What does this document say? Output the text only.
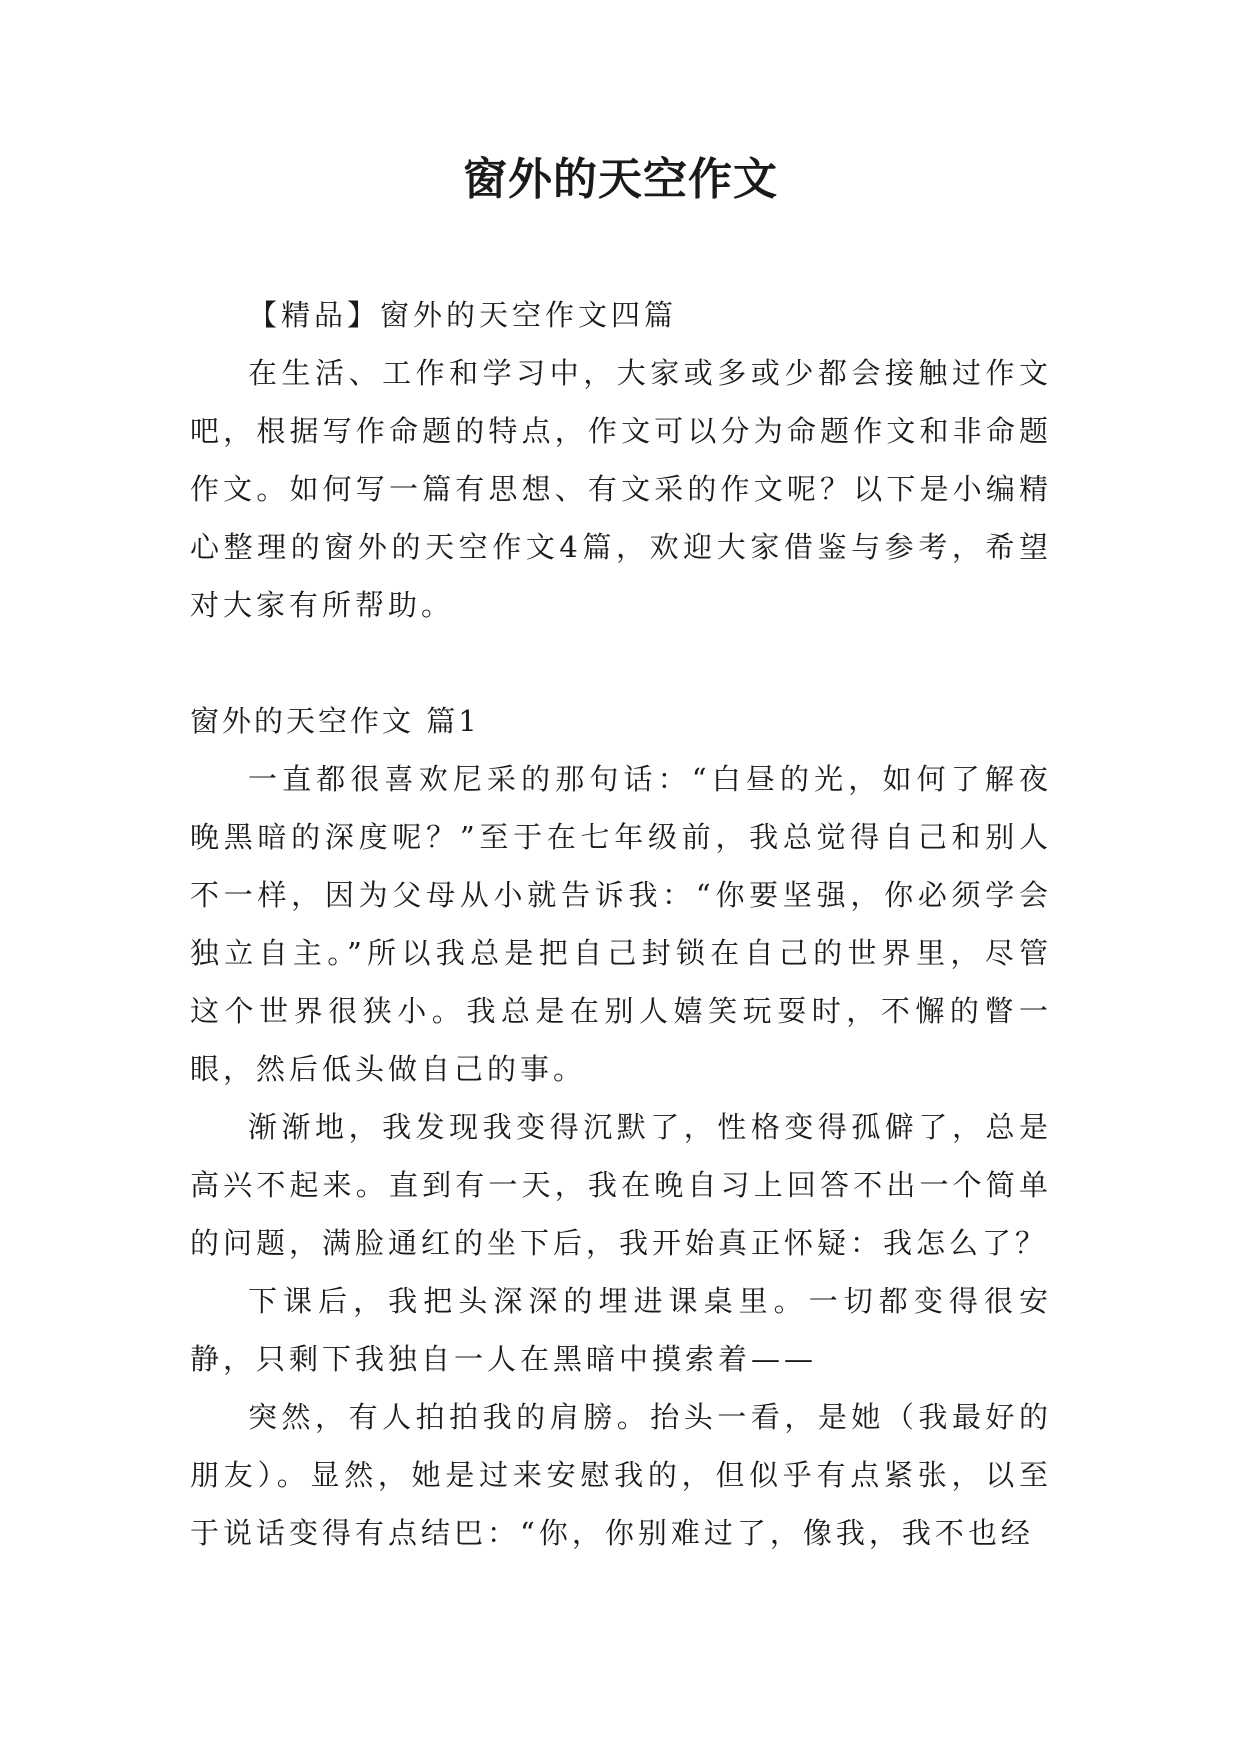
窗外的天空作文

【精品】窗外的天空作文四篇

在生活、工作和学习中，大家或多或少都会接触过作文吧，根据写作命题的特点，作文可以分为命题作文和非命题作文。如何写一篇有思想、有文采的作文呢？以下是小编精心整理的窗外的天空作文4篇，欢迎大家借鉴与参考，希望对大家有所帮助。

窗外的天空作文 篇1

一直都很喜欢尼采的那句话：“白昼的光，如何了解夜晚黑暗的深度呢？”至于在七年级前，我总觉得自己和别人不一样，因为父母从小就告诉我：“你要坚强，你必须学会独立自主。”所以我总是把自己封锁在自己的世界里，尽管这个世界很狭小。我总是在别人嬉笑玩耍时，不懈的瞥一眼，然后低头做自己的事。

渐渐地，我发现我变得沉默了，性格变得孤僻了，总是高兴不起来。直到有一天，我在晚自习上回答不出一个简单的问题，满脸通红的坐下后，我开始真正怀疑：我怎么了？

下课后，我把头深深的埋进课桌里。一切都变得很安静，只剩下我独自一人在黑暗中摸索着——

突然，有人拍拍我的肩膀。抬头一看，是她（我最好的朋友）。显然，她是过来安慰我的，但似乎有点紧张，以至于说话变得有点结巴：“你，你别难过了，像我，我不也经
